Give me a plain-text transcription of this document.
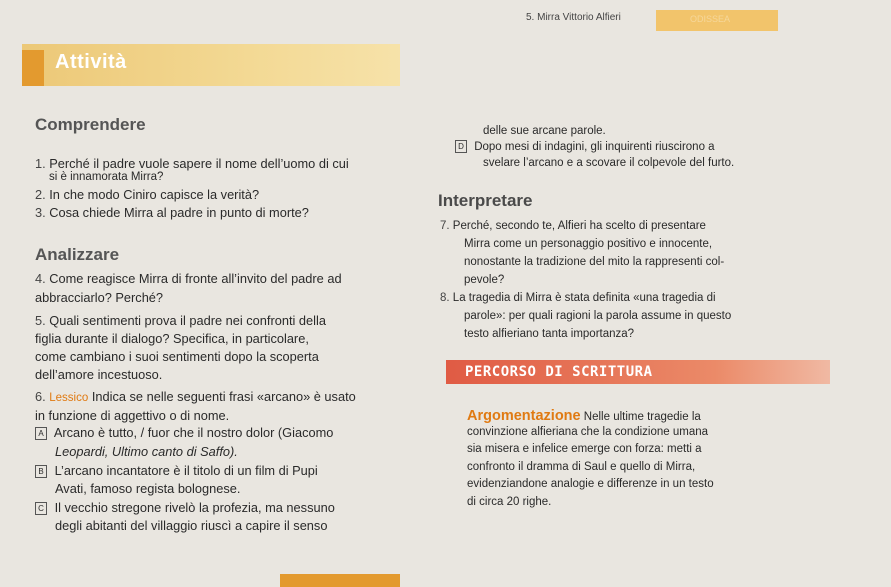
5. Mirra Vittorio Alfieri	ODISSEA
Attività
Comprendere
1. Perché il padre vuole sapere il nome dell’uomo di cui
si è innamorata Mirra?
2. In che modo Ciniro capisce la verità?
3. Cosa chiede Mirra al padre in punto di morte?
Analizzare
4. Come reagisce Mirra di fronte all’invito del padre ad
abbracciarlo? Perché?
5. Quali sentimenti prova il padre nei confronti della
figlia durante il dialogo? Specifica, in particolare,
come cambiano i suoi sentimenti dopo la scoperta
dell’amore incestuoso.
6. Lessico Indica se nelle seguenti frasi «arcano» è usato
in funzione di aggettivo o di nome.
A Arcano è tutto, / fuor che il nostro dolor (Giacomo
Leopardi, Ultimo canto di Saffo).
B L’arcano incantatore è il titolo di un film di Pupi
Avati, famoso regista bolognese.
C Il vecchio stregone rivelò la profezia, ma nessuno
degli abitanti del villaggio riuscì a capire il senso
delle sue arcane parole.
D Dopo mesi di indagini, gli inquirenti riuscirono a
svelare l’arcano e a scovare il colpevole del furto.
Interpretare
7. Perché, secondo te, Alfieri ha scelto di presentare
Mirra come un personaggio positivo e innocente,
nonostante la tradizione del mito la rappresenti col-
pevole?
8. La tragedia di Mirra è stata definita «una tragedia di
parole»: per quali ragioni la parola assume in questo
testo alfieriano tanta importanza?
PERCORSO DI SCRITTURA
Argomentazione Nelle ultime tragedie la
convinzione alfieriana che la condizione umana
sia misera e infelice emerge con forza: metti a
confronto il dramma di Saul e quello di Mirra,
evidenziandone analogie e differenze in un testo
di circa 20 righe.
